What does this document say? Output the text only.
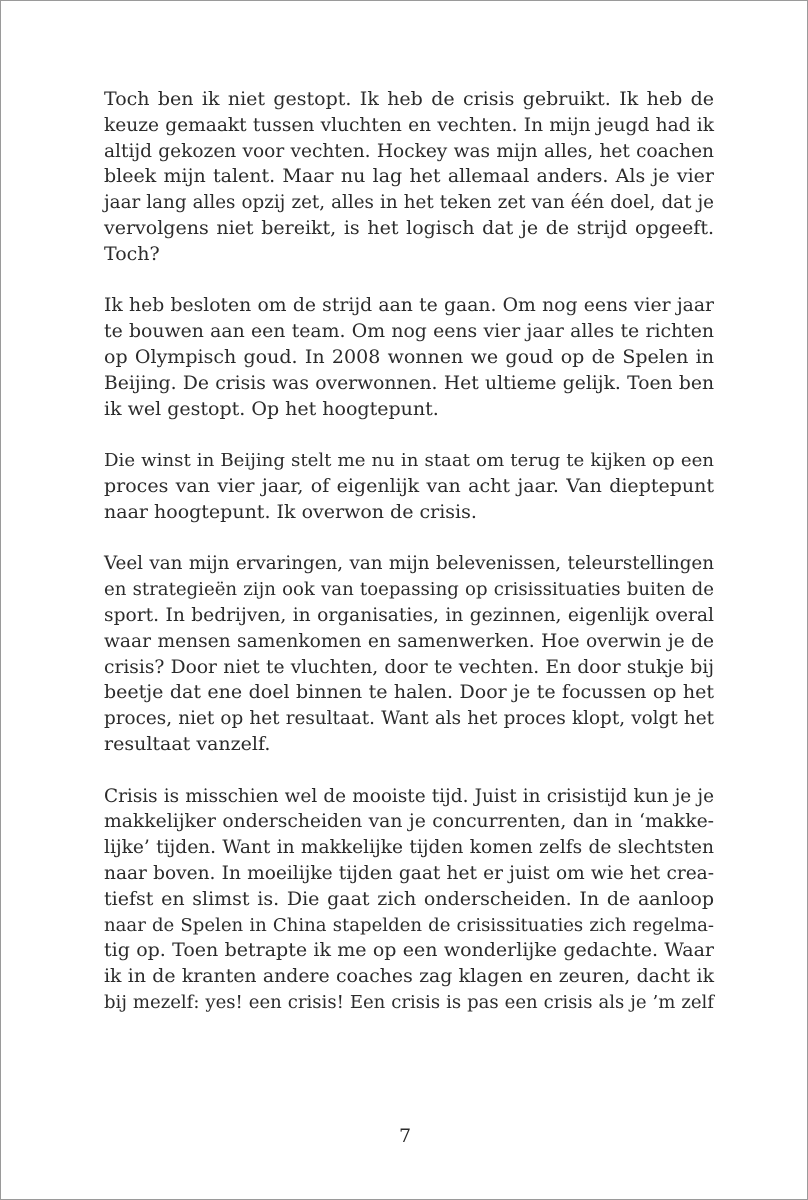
Toch ben ik niet gestopt. Ik heb de crisis gebruikt. Ik heb de
keuze gemaakt tussen vluchten en vechten. In mijn jeugd had ik
altijd gekozen voor vechten. Hockey was mijn alles, het coachen
bleek mijn talent. Maar nu lag het allemaal anders. Als je vier
jaar lang alles opzij zet, alles in het teken zet van één doel, dat je
vervolgens niet bereikt, is het logisch dat je de strijd opgeeft.
Toch?

Ik heb besloten om de strijd aan te gaan. Om nog eens vier jaar
te bouwen aan een team. Om nog eens vier jaar alles te richten
op Olympisch goud. In 2008 wonnen we goud op de Spelen in
Beijing. De crisis was overwonnen. Het ultieme gelijk. Toen ben
ik wel gestopt. Op het hoogtepunt.

Die winst in Beijing stelt me nu in staat om terug te kijken op een
proces van vier jaar, of eigenlijk van acht jaar. Van dieptepunt
naar hoogtepunt. Ik overwon de crisis.

Veel van mijn ervaringen, van mijn belevenissen, teleurstellingen
en strategieën zijn ook van toepassing op crisissituaties buiten de
sport. In bedrijven, in organisaties, in gezinnen, eigenlijk overal
waar mensen samenkomen en samenwerken. Hoe overwin je de
crisis? Door niet te vluchten, door te vechten. En door stukje bij
beetje dat ene doel binnen te halen. Door je te focussen op het
proces, niet op het resultaat. Want als het proces klopt, volgt het
resultaat vanzelf.

Crisis is misschien wel de mooiste tijd. Juist in crisistijd kun je je
makkelijker onderscheiden van je concurrenten, dan in ‘makke-
lijke’ tijden. Want in makkelijke tijden komen zelfs de slechtsten
naar boven. In moeilijke tijden gaat het er juist om wie het crea-
tiefst en slimst is. Die gaat zich onderscheiden. In de aanloop
naar de Spelen in China stapelden de crisissituaties zich regelma-
tig op. Toen betrapte ik me op een wonderlijke gedachte. Waar
ik in de kranten andere coaches zag klagen en zeuren, dacht ik
bij mezelf: yes! een crisis! Een crisis is pas een crisis als je ’m zelf

7
